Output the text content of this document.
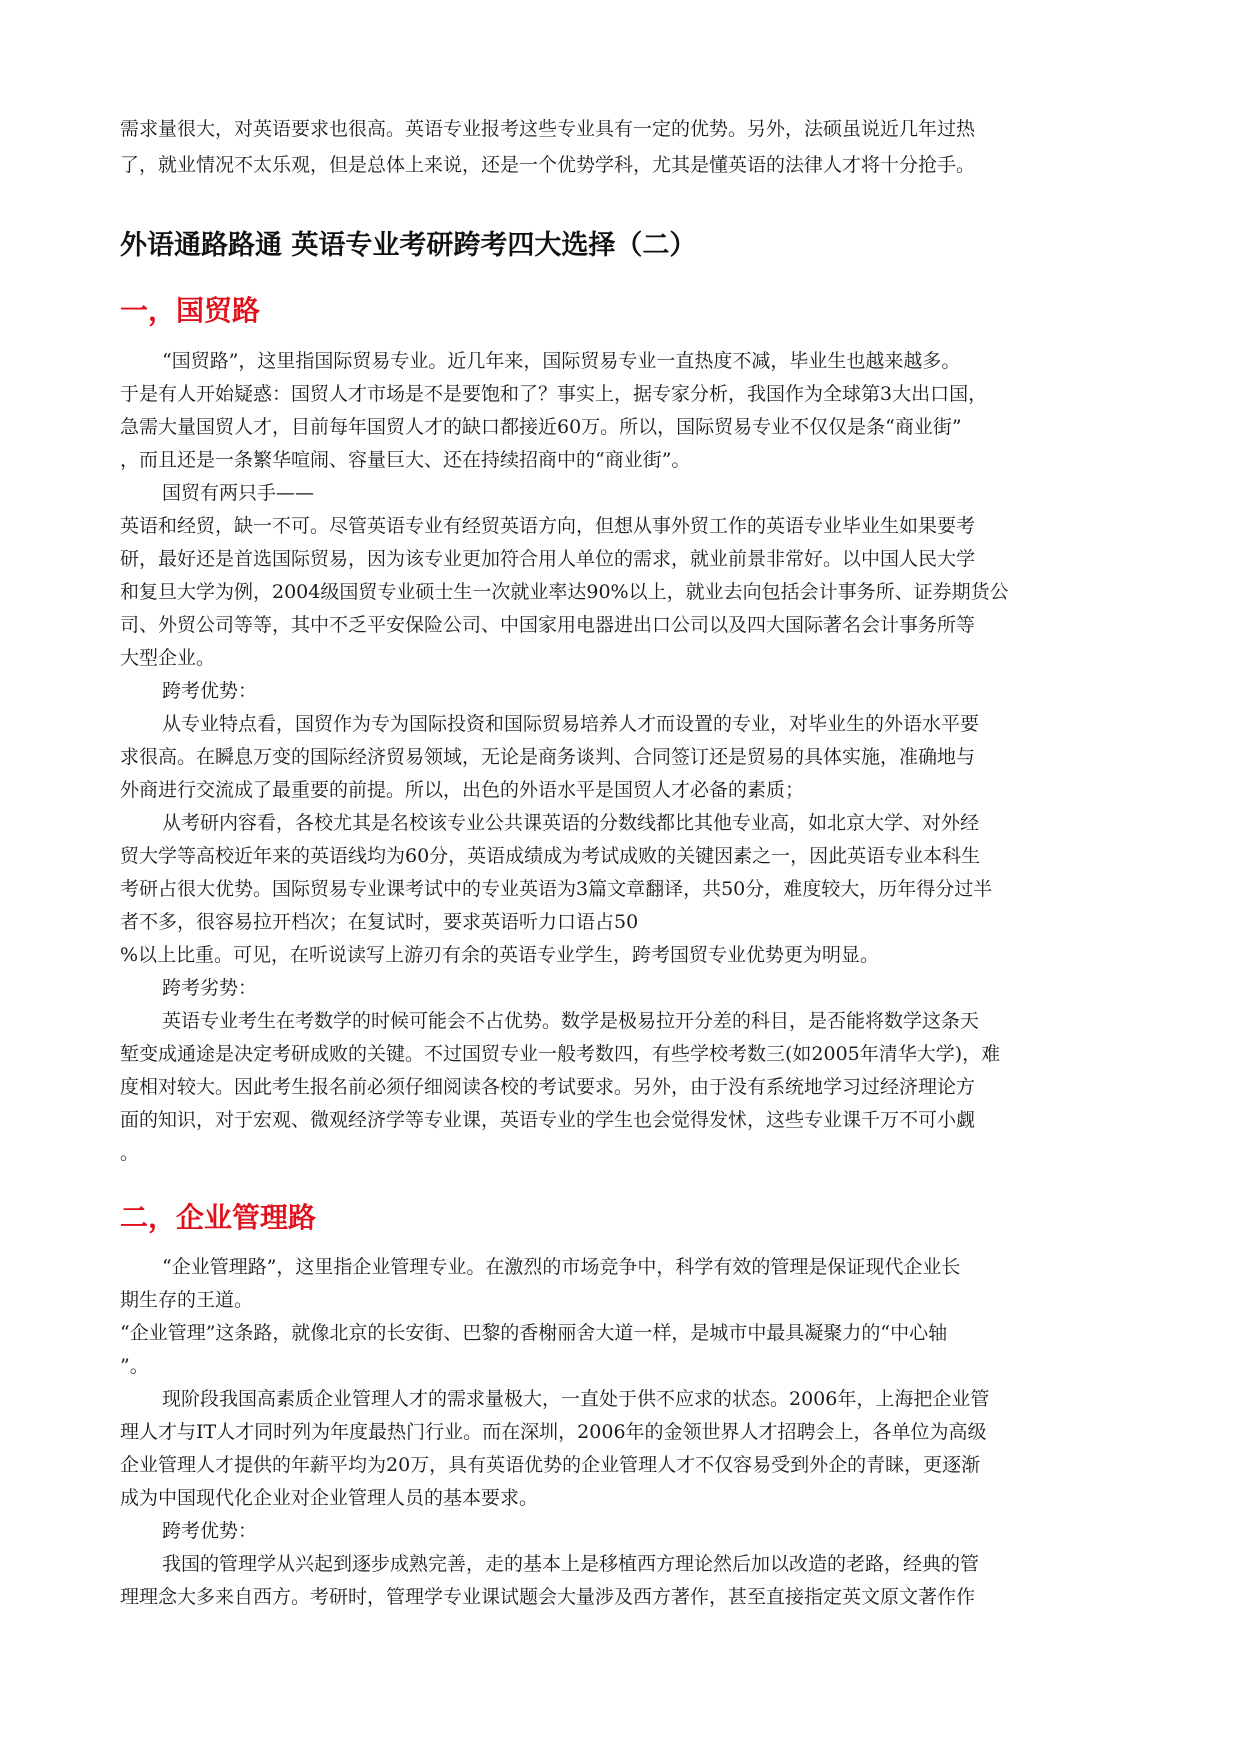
需求量很大，对英语要求也很高。英语专业报考这些专业具有一定的优势。另外，法硕虽说近几年过热
了，就业情况不太乐观，但是总体上来说，还是一个优势学科，尤其是懂英语的法律人才将十分抢手。
外语通路路通 英语专业考研跨考四大选择（二）
一，国贸路
“国贸路”，这里指国际贸易专业。近几年来，国际贸易专业一直热度不减，毕业生也越来越多。
于是有人开始疑惑：国贸人才市场是不是要饱和了？事实上，据专家分析，我国作为全球第3大出口国，
急需大量国贸人才，目前每年国贸人才的缺口都接近60万。所以，国际贸易专业不仅仅是条“商业街”
，而且还是一条繁华喧闹、容量巨大、还在持续招商中的“商业街”。
国贸有两只手——
英语和经贸，缺一不可。尽管英语专业有经贸英语方向，但想从事外贸工作的英语专业毕业生如果要考
研，最好还是首选国际贸易，因为该专业更加符合用人单位的需求，就业前景非常好。以中国人民大学
和复旦大学为例，2004级国贸专业硕士生一次就业率达90%以上，就业去向包括会计事务所、证券期货公
司、外贸公司等等，其中不乏平安保险公司、中国家用电器进出口公司以及四大国际著名会计事务所等
大型企业。
跨考优势：
从专业特点看，国贸作为专为国际投资和国际贸易培养人才而设置的专业，对毕业生的外语水平要
求很高。在瞬息万变的国际经济贸易领域，无论是商务谈判、合同签订还是贸易的具体实施，准确地与
外商进行交流成了最重要的前提。所以，出色的外语水平是国贸人才必备的素质；
从考研内容看，各校尤其是名校该专业公共课英语的分数线都比其他专业高，如北京大学、对外经
贸大学等高校近年来的英语线均为60分，英语成绩成为考试成败的关键因素之一，因此英语专业本科生
考研占很大优势。国际贸易专业课考试中的专业英语为3篇文章翻译，共50分，难度较大，历年得分过半
者不多，很容易拉开档次；在复试时，要求英语听力口语占50
%以上比重。可见，在听说读写上游刃有余的英语专业学生，跨考国贸专业优势更为明显。
跨考劣势：
英语专业考生在考数学的时候可能会不占优势。数学是极易拉开分差的科目，是否能将数学这条天
堑变成通途是决定考研成败的关键。不过国贸专业一般考数四，有些学校考数三(如2005年清华大学)，难
度相对较大。因此考生报名前必须仔细阅读各校的考试要求。另外，由于没有系统地学习过经济理论方
面的知识，对于宏观、微观经济学等专业课，英语专业的学生也会觉得发怵，这些专业课千万不可小觑
。
二，企业管理路
“企业管理路”，这里指企业管理专业。在激烈的市场竞争中，科学有效的管理是保证现代企业长
期生存的王道。
“企业管理”这条路，就像北京的长安街、巴黎的香榭丽舍大道一样，是城市中最具凝聚力的“中心轴
”。
现阶段我国高素质企业管理人才的需求量极大，一直处于供不应求的状态。2006年，上海把企业管
理人才与IT人才同时列为年度最热门行业。而在深圳，2006年的金领世界人才招聘会上，各单位为高级
企业管理人才提供的年薪平均为20万，具有英语优势的企业管理人才不仅容易受到外企的青睐，更逐渐
成为中国现代化企业对企业管理人员的基本要求。
跨考优势：
我国的管理学从兴起到逐步成熟完善，走的基本上是移植西方理论然后加以改造的老路，经典的管
理理念大多来自西方。考研时，管理学专业课试题会大量涉及西方著作，甚至直接指定英文原文著作作
